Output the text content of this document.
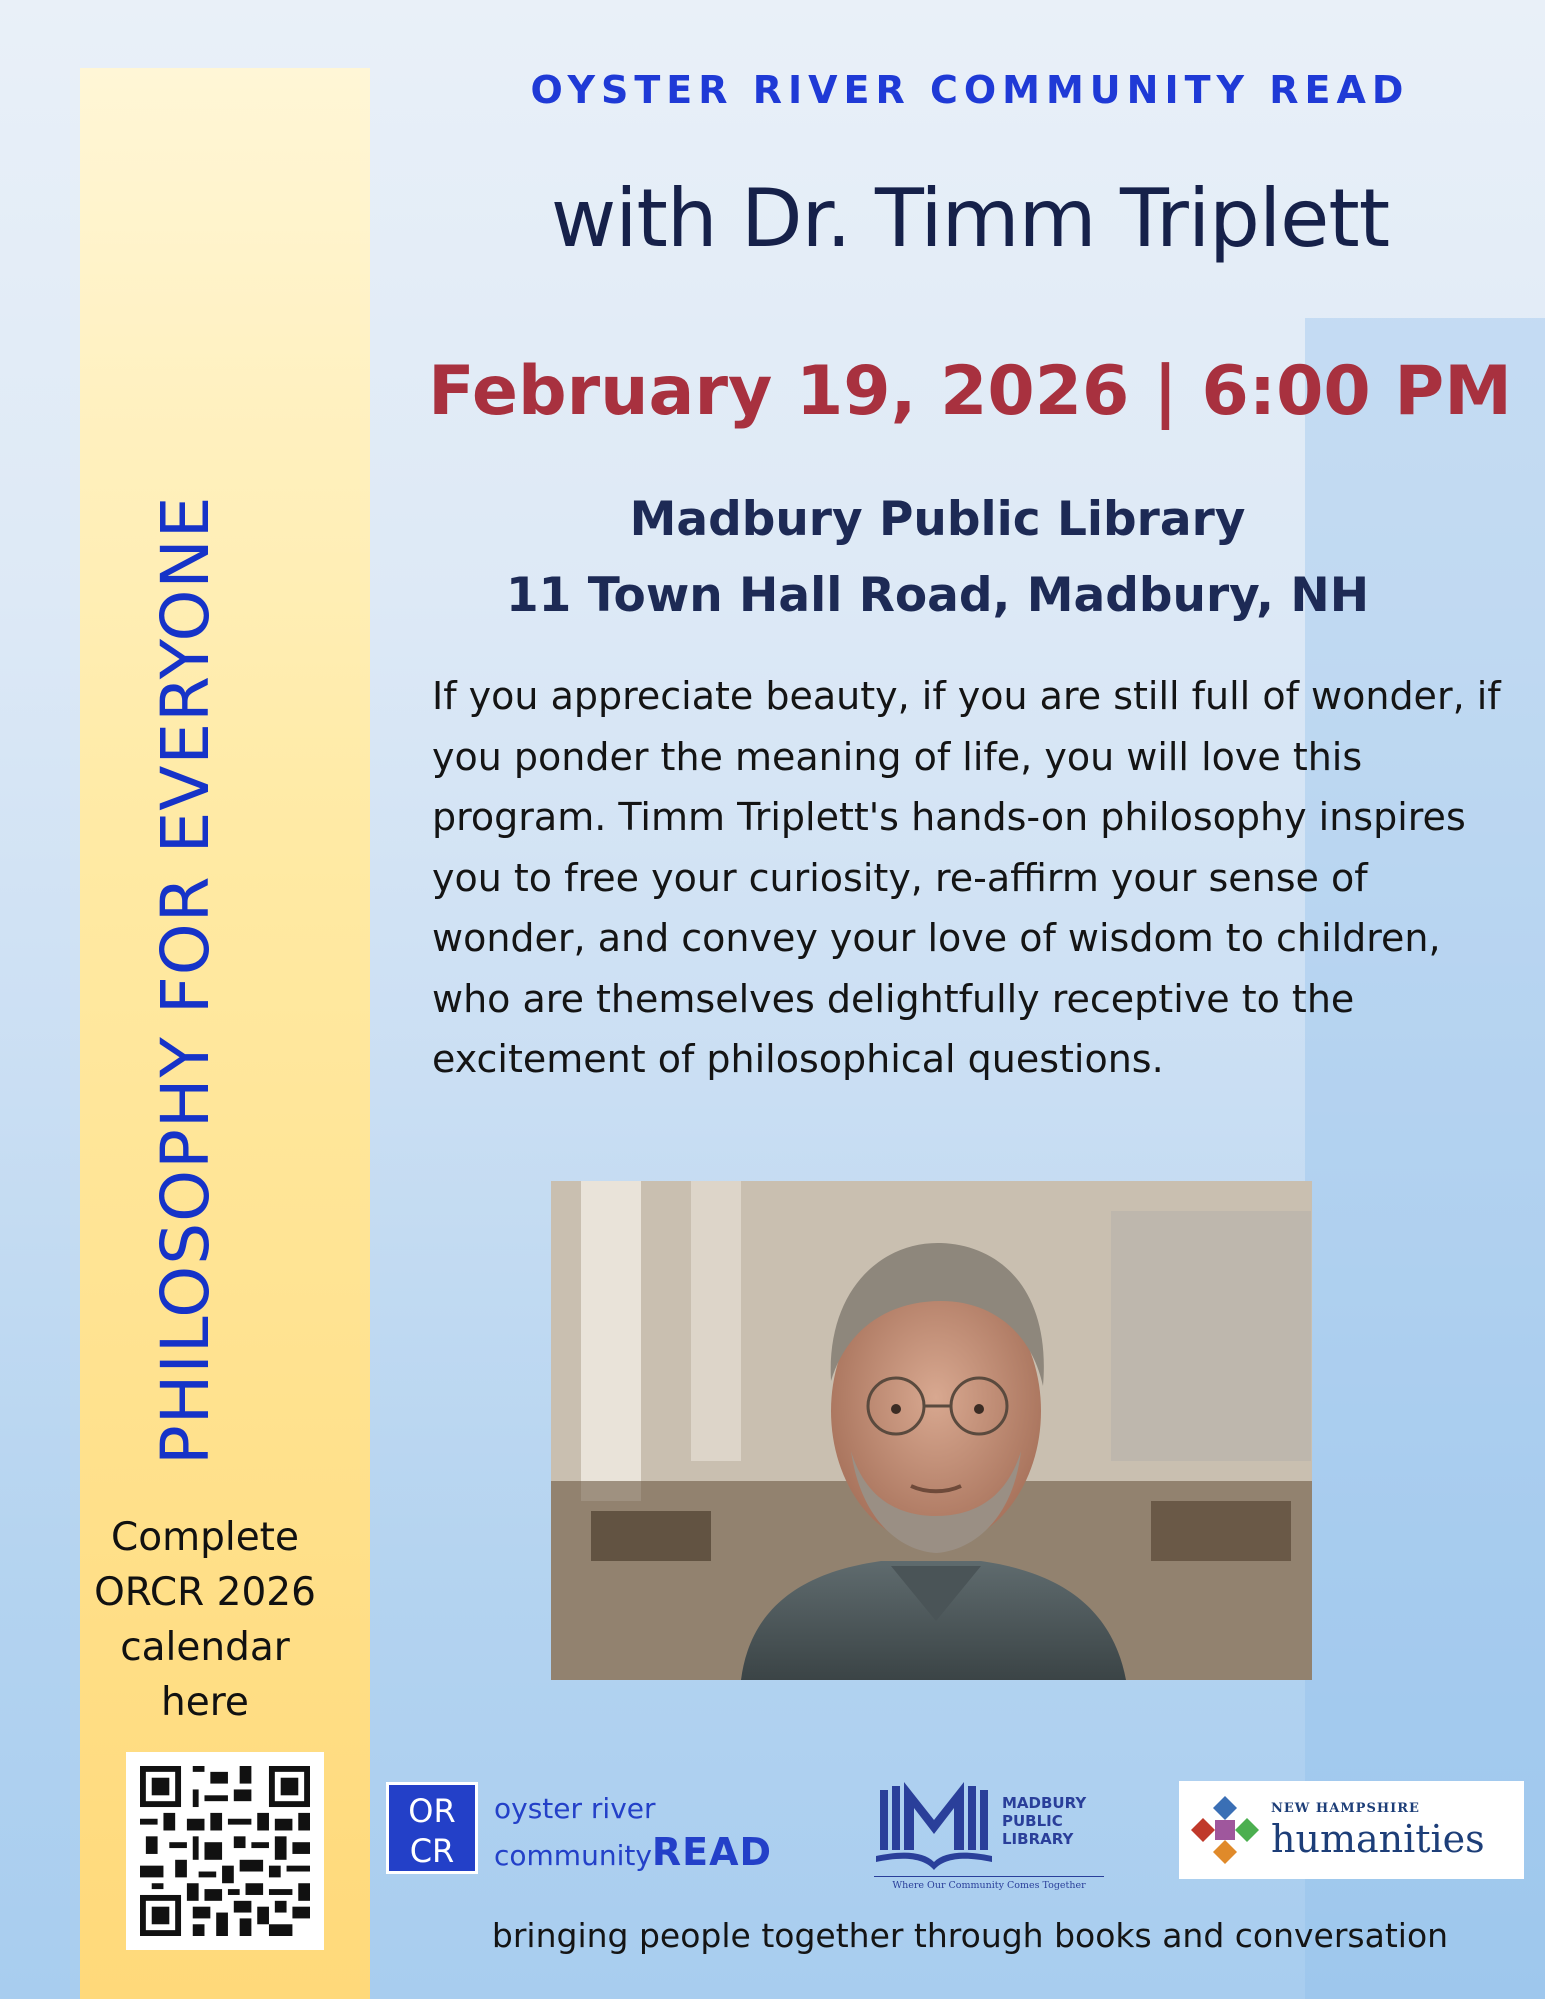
PHILOSOPHY FOR EVERYONE
Complete
ORCR 2026
calendar
here
OYSTER RIVER COMMUNITY READ
with Dr. Timm Triplett
February 19, 2026 | 6:00 PM
Madbury Public Library
11 Town Hall Road, Madbury, NH

If you appreciate beauty, if you are still full of wonder, if you ponder the meaning of life, you will love this program. Timm Triplett's hands-on philosophy inspires you to free your curiosity, re-affirm your sense of wonder, and convey your love of wisdom to children, who are themselves delightfully receptive to the excitement of philosophical questions.

OR
CR
oyster river
communityREAD
MADBURY
PUBLIC
LIBRARY
Where Our Community Comes Together
NEW HAMPSHIRE
humanities
bringing people together through books and conversation
